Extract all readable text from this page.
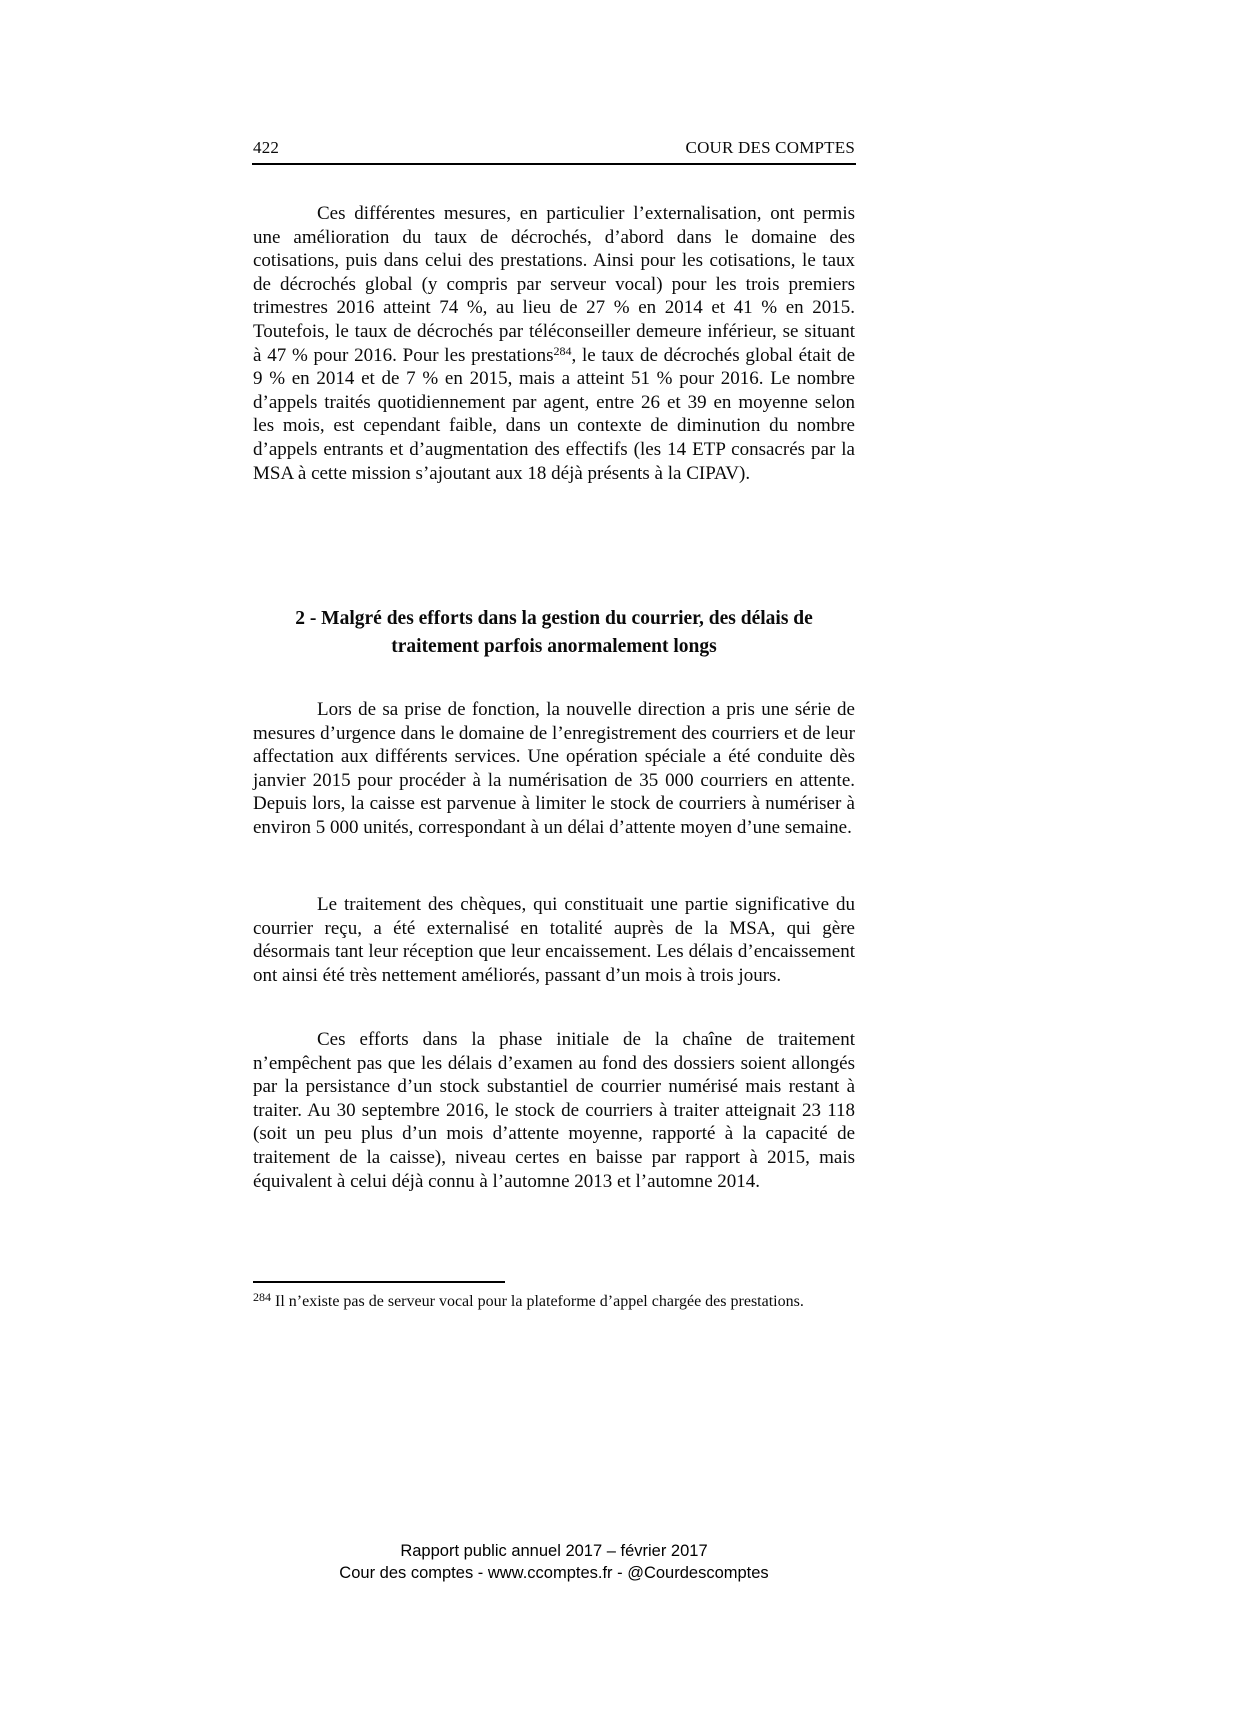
422	COUR DES COMPTES

Ces différentes mesures, en particulier l’externalisation, ont permis une amélioration du taux de décrochés, d’abord dans le domaine des cotisations, puis dans celui des prestations. Ainsi pour les cotisations, le taux de décrochés global (y compris par serveur vocal) pour les trois premiers trimestres 2016 atteint 74 %, au lieu de 27 % en 2014 et 41 % en 2015. Toutefois, le taux de décrochés par téléconseiller demeure inférieur, se situant à 47 % pour 2016. Pour les prestations$^{284}$, le taux de décrochés global était de 9 % en 2014 et de 7 % en 2015, mais a atteint 51 % pour 2016. Le nombre d’appels traités quotidiennement par agent, entre 26 et 39 en moyenne selon les mois, est cependant faible, dans un contexte de diminution du nombre d’appels entrants et d’augmentation des effectifs (les 14 ETP consacrés par la MSA à cette mission s’ajoutant aux 18 déjà présents à la CIPAV).

2 - Malgré des efforts dans la gestion du courrier, des délais de traitement parfois anormalement longs

Lors de sa prise de fonction, la nouvelle direction a pris une série de mesures d’urgence dans le domaine de l’enregistrement des courriers et de leur affectation aux différents services. Une opération spéciale a été conduite dès janvier 2015 pour procéder à la numérisation de 35 000 courriers en attente. Depuis lors, la caisse est parvenue à limiter le stock de courriers à numériser à environ 5 000 unités, correspondant à un délai d’attente moyen d’une semaine.

Le traitement des chèques, qui constituait une partie significative du courrier reçu, a été externalisé en totalité auprès de la MSA, qui gère désormais tant leur réception que leur encaissement. Les délais d’encaissement ont ainsi été très nettement améliorés, passant d’un mois à trois jours.

Ces efforts dans la phase initiale de la chaîne de traitement n’empêchent pas que les délais d’examen au fond des dossiers soient allongés par la persistance d’un stock substantiel de courrier numérisé mais restant à traiter. Au 30 septembre 2016, le stock de courriers à traiter atteignait 23 118 (soit un peu plus d’un mois d’attente moyenne, rapporté à la capacité de traitement de la caisse), niveau certes en baisse par rapport à 2015, mais équivalent à celui déjà connu à l’automne 2013 et l’automne 2014.

$^{284}$ Il n’existe pas de serveur vocal pour la plateforme d’appel chargée des prestations.

Rapport public annuel 2017 – février 2017
Cour des comptes - www.ccomptes.fr - @Courdescomptes
